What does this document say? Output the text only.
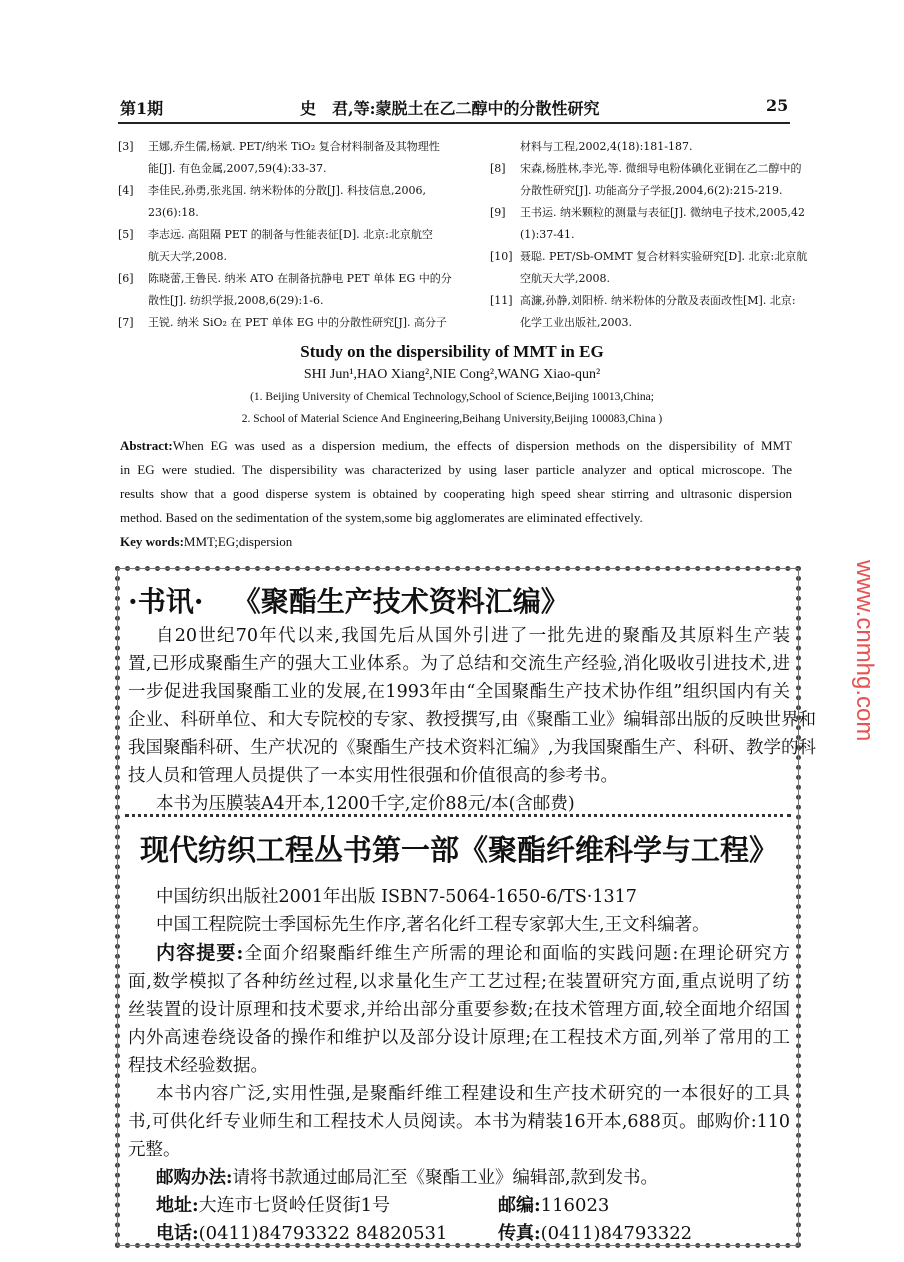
第1期	史　君,等:蒙脱土在乙二醇中的分散性研究	25
[3]	王娜,乔生儒,杨斌. PET/纳米 TiO₂ 复合材料制备及其物理性
能[J]. 有色金属,2007,59(4):33-37.
[4]	李佳民,孙勇,张兆国. 纳米粉体的分散[J]. 科技信息,2006,
23(6):18.
[5]	李志远. 高阻隔 PET 的制备与性能表征[D]. 北京:北京航空
航天大学,2008.
[6]	陈晓蕾,王鲁民. 纳米 ATO 在制备抗静电 PET 单体 EG 中的分
散性[J]. 纺织学报,2008,6(29):1-6.
[7]	王锐. 纳米 SiO₂ 在 PET 单体 EG 中的分散性研究[J]. 高分子
材料与工程,2002,4(18):181-187.
[8]	宋森,杨胜林,李光,等. 微细导电粉体碘化亚铜在乙二醇中的
分散性研究[J]. 功能高分子学报,2004,6(2):215-219.
[9]	王书运. 纳米颗粒的测量与表征[J]. 微纳电子技术,2005,42
(1):37-41.
[10] 聂聪. PET/Sb-OMMT 复合材料实验研究[D]. 北京:北京航
空航天大学,2008.
[11] 高濂,孙静,刘阳桥. 纳米粉体的分散及表面改性[M]. 北京:
化学工业出版社,2003.
Study on the dispersibility of MMT in EG
SHI Jun¹,HAO Xiang²,NIE Cong²,WANG Xiao-qun²
(1. Beijing University of Chemical Technology,School of Science,Beijing 10013,China;
2. School of Material Science And Engineering,Beihang University,Beijing 100083,China )
Abstract:When EG was used as a dispersion medium, the effects of dispersion methods on the dispersibility of MMT
in EG were studied. The dispersibility was characterized by using laser particle analyzer and optical microscope. The
results show that a good disperse system is obtained by cooperating high speed shear stirring and ultrasonic dispersion
method. Based on the sedimentation of the system,some big agglomerates are eliminated effectively.
Key words:MMT;EG;dispersion
·书讯· 《聚酯生产技术资料汇编》
自20世纪70年代以来,我国先后从国外引进了一批先进的聚酯及其原料生产装
置,已形成聚酯生产的强大工业体系。为了总结和交流生产经验,消化吸收引进技术,进
一步促进我国聚酯工业的发展,在1993年由“全国聚酯生产技术协作组”组织国内有关
企业、科研单位、和大专院校的专家、教授撰写,由《聚酯工业》编辑部出版的反映世界和
我国聚酯科研、生产状况的《聚酯生产技术资料汇编》,为我国聚酯生产、科研、教学的科
技人员和管理人员提供了一本实用性很强和价值很高的参考书。
本书为压膜装A4开本,1200千字,定价88元/本(含邮费)
现代纺织工程丛书第一部《聚酯纤维科学与工程》
中国纺织出版社2001年出版 ISBN7-5064-1650-6/TS·1317
中国工程院院士季国标先生作序,著名化纤工程专家郭大生,王文科编著。
内容提要:全面介绍聚酯纤维生产所需的理论和面临的实践问题:在理论研究方
面,数学模拟了各种纺丝过程,以求量化生产工艺过程;在装置研究方面,重点说明了纺
丝装置的设计原理和技术要求,并给出部分重要参数;在技术管理方面,较全面地介绍国
内外高速卷绕设备的操作和维护以及部分设计原理;在工程技术方面,列举了常用的工
程技术经验数据。
本书内容广泛,实用性强,是聚酯纤维工程建设和生产技术研究的一本很好的工具
书,可供化纤专业师生和工程技术人员阅读。本书为精装16开本,688页。邮购价:110
元整。
邮购办法:请将书款通过邮局汇至《聚酯工业》编辑部,款到发书。
地址:大连市七贤岭任贤街1号	邮编:116023
电话:(0411)84793322 84820531	传真:(0411)84793322
www.cnmhg.com
